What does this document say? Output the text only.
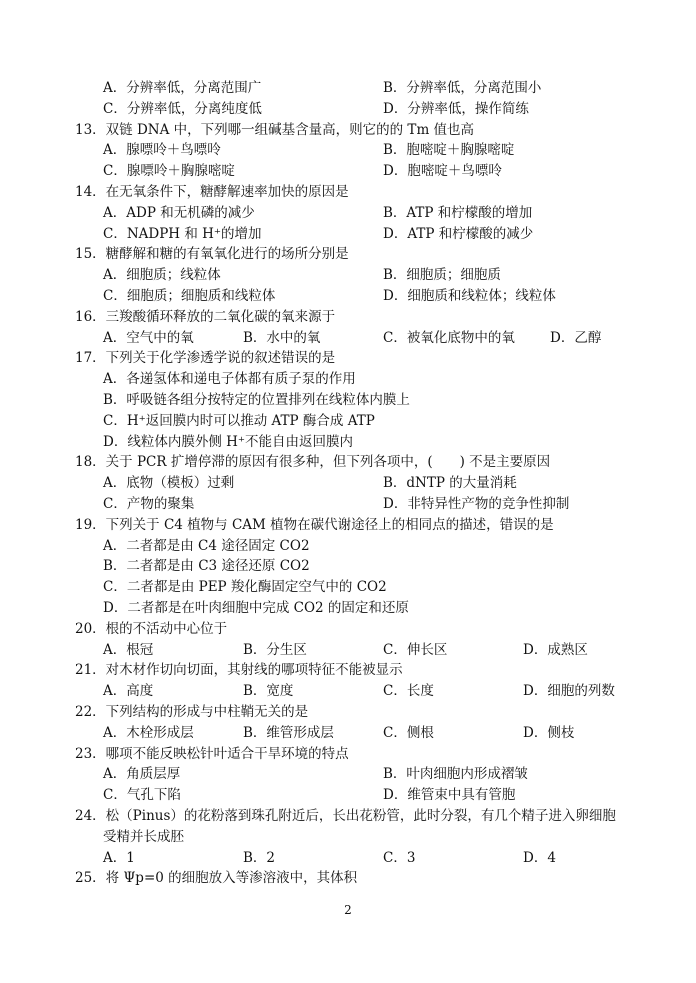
A．分辨率低，分离范围广	B．分辨率低，分离范围小
C．分辨率低，分离纯度低	D．分辨率低，操作简练
13．双链 DNA 中，下列哪一组碱基含量高，则它的的 Tm 值也高
A．腺嘌呤＋鸟嘌呤	B．胞嘧啶＋胸腺嘧啶
C．腺嘌呤＋胸腺嘧啶	D．胞嘧啶＋鸟嘌呤
14．在无氧条件下，糖酵解速率加快的原因是
A．ADP 和无机磷的减少	B．ATP 和柠檬酸的增加
C．NADPH 和 H⁺的增加	D．ATP 和柠檬酸的减少
15．糖酵解和糖的有氧氧化进行的场所分别是
A．细胞质；线粒体	B．细胞质；细胞质
C．细胞质；细胞质和线粒体	D．细胞质和线粒体；线粒体
16．三羧酸循环释放的二氧化碳的氧来源于
A．空气中的氧	B．水中的氧	C．被氧化底物中的氧	D．乙醇
17．下列关于化学渗透学说的叙述错误的是
A．各递氢体和递电子体都有质子泵的作用
B．呼吸链各组分按特定的位置排列在线粒体内膜上
C．H⁺返回膜内时可以推动 ATP 酶合成 ATP
D．线粒体内膜外侧 H⁺不能自由返回膜内
18．关于 PCR 扩增停滞的原因有很多种，但下列各项中，(　　) 不是主要原因
A．底物（模板）过剩	B．dNTP 的大量消耗
C．产物的聚集	D．非特异性产物的竞争性抑制
19．下列关于 C4 植物与 CAM 植物在碳代谢途径上的相同点的描述，错误的是
A．二者都是由 C4 途径固定 CO2
B．二者都是由 C3 途径还原 CO2
C．二者都是由 PEP 羧化酶固定空气中的 CO2
D．二者都是在叶肉细胞中完成 CO2 的固定和还原
20．根的不活动中心位于
A．根冠	B．分生区	C．伸长区	D．成熟区
21．对木材作切向切面，其射线的哪项特征不能被显示
A．高度	B．宽度	C．长度	D．细胞的列数
22．下列结构的形成与中柱鞘无关的是
A．木栓形成层	B．维管形成层	C．侧根	D．侧枝
23．哪项不能反映松针叶适合干旱环境的特点
A．角质层厚	B．叶肉细胞内形成褶皱
C．气孔下陷	D．维管束中具有管胞
24．松（Pinus）的花粉落到珠孔附近后，长出花粉管，此时分裂，有几个精子进入卵细胞
受精并长成胚
A．1	B．2	C．3	D．4
25．将 Ψp=0 的细胞放入等渗溶液中，其体积
2
